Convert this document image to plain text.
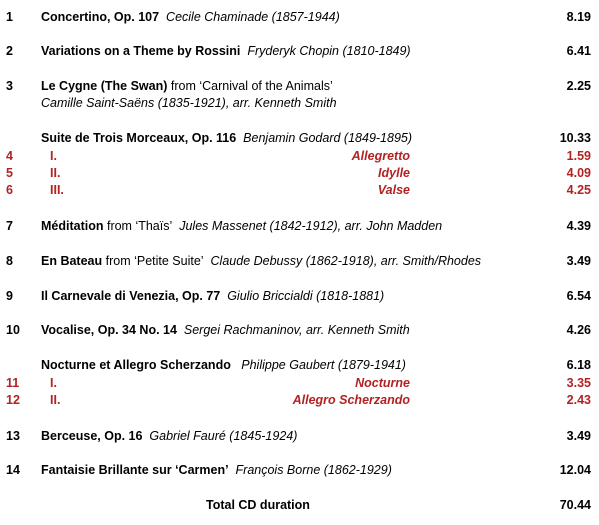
1	Concertino, Op. 107 Cecile Chaminade (1857-1944)	8.19
2	Variations on a Theme by Rossini Fryderyk Chopin (1810-1849)	6.41
3	Le Cygne (The Swan) from ‘Carnival of the Animals’	2.25
Camille Saint-Saëns (1835-1921), arr. Kenneth Smith
Suite de Trois Morceaux, Op. 116 Benjamin Godard (1849-1895)	10.33
4	I.	Allegretto	1.59
5	II.	Idylle	4.09
6	III.	Valse	4.25
7	Méditation from ‘Thaïs’ Jules Massenet (1842-1912), arr. John Madden	4.39
8	En Bateau from ‘Petite Suite’ Claude Debussy (1862-1918), arr. Smith/Rhodes	3.49
9	Il Carnevale di Venezia, Op. 77 Giulio Briccialdi (1818-1881)	6.54
10	Vocalise, Op. 34 No. 14 Sergei Rachmaninov, arr. Kenneth Smith	4.26
Nocturne et Allegro Scherzando Philippe Gaubert (1879-1941)	6.18
11	I.	Nocturne	3.35
12	II.	Allegro Scherzando	2.43
13	Berceuse, Op. 16 Gabriel Fauré (1845-1924)	3.49
14	Fantaisie Brillante sur ‘Carmen’ François Borne (1862-1929)	12.04
Total CD duration	70.44
